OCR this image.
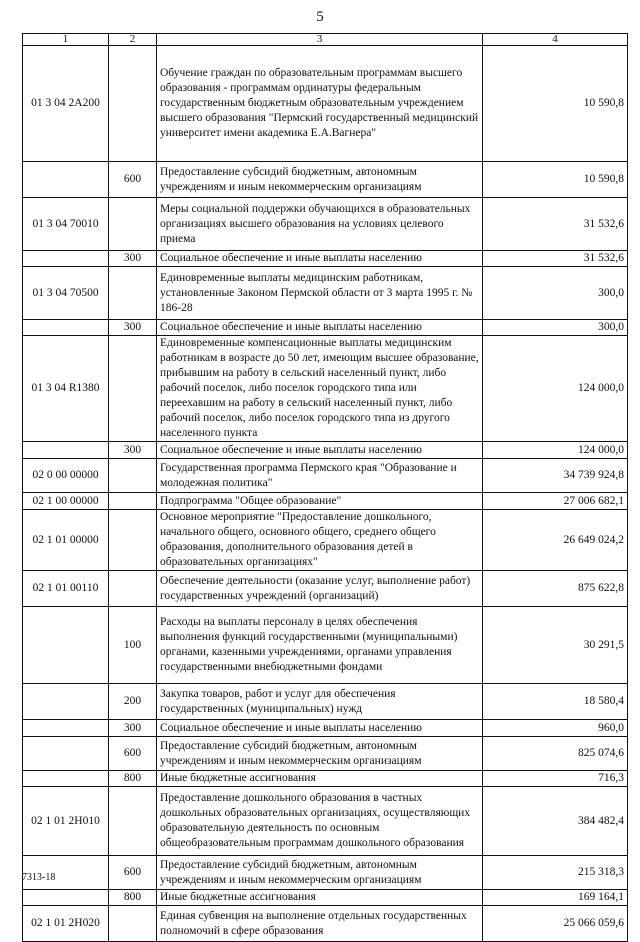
5
1	2	3	4
01 3 04 2A200		Обучение граждан по образовательным программам высшего образования - программам ординатуры федеральным государственным бюджетным образовательным учреждением высшего образования "Пермский государственный медицинский университет имени академика Е.А.Вагнера"	10 590,8
	600	Предоставление субсидий бюджетным, автономным учреждениям и иным некоммерческим организациям	10 590,8
01 3 04 70010		Меры социальной поддержки обучающихся в образовательных организациях высшего образования на условиях целевого приема	31 532,6
	300	Социальное обеспечение и иные выплаты населению	31 532,6
01 3 04 70500		Единовременные выплаты медицинским работникам, установленные Законом Пермской области от 3 марта 1995 г. № 186-28	300,0
	300	Социальное обеспечение и иные выплаты населению	300,0
01 3 04 R1380		Единовременные компенсационные выплаты медицинским работникам в возрасте до 50 лет, имеющим высшее образование, прибывшим на работу в сельский населенный пункт, либо рабочий поселок, либо поселок городского типа или переехавшим на работу в сельский населенный пункт, либо рабочий поселок, либо поселок городского типа из другого населенного пункта	124 000,0
	300	Социальное обеспечение и иные выплаты населению	124 000,0
02 0 00 00000		Государственная программа Пермского края "Образование и молодежная политика"	34 739 924,8
02 1 00 00000		Подпрограмма "Общее образование"	27 006 682,1
02 1 01 00000		Основное мероприятие "Предоставление дошкольного, начального общего, основного общего, среднего общего образования, дополнительного образования детей в образовательных организациях"	26 649 024,2
02 1 01 00110		Обеспечение деятельности (оказание услуг, выполнение работ) государственных учреждений (организаций)	875 622,8
	100	Расходы на выплаты персоналу в целях обеспечения выполнения функций государственными (муниципальными) органами, казенными учреждениями, органами управления государственными внебюджетными фондами	30 291,5
	200	Закупка товаров, работ и услуг для обеспечения государственных (муниципальных) нужд	18 580,4
	300	Социальное обеспечение и иные выплаты населению	960,0
	600	Предоставление субсидий бюджетным, автономным учреждениям и иным некоммерческим организациям	825 074,6
	800	Иные бюджетные ассигнования	716,3
02 1 01 2H010		Предоставление дошкольного образования в частных дошкольных образовательных организациях, осуществляющих образовательную деятельность по основным общеобразовательным программам дошкольного образования	384 482,4
	600	Предоставление субсидий бюджетным, автономным учреждениям и иным некоммерческим организациям	215 318,3
	800	Иные бюджетные ассигнования	169 164,1
02 1 01 2H020		Единая субвенция на выполнение отдельных государственных полномочий в сфере образования	25 066 059,6
7313-18
